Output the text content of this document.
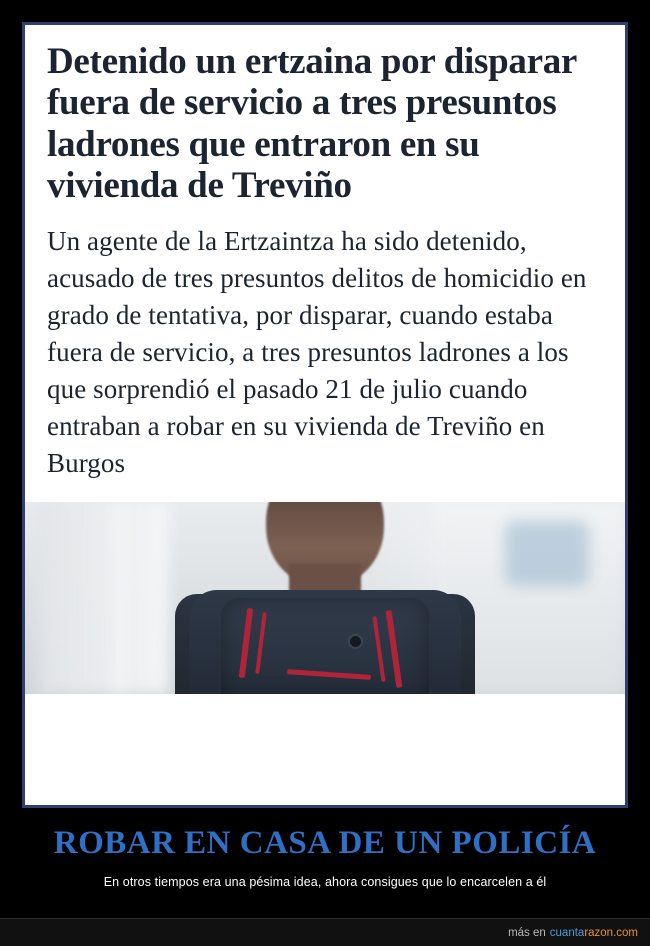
Detenido un ertzaina por disparar fuera de servicio a tres presuntos ladrones que entraron en su vivienda de Treviño
Un agente de la Ertzaintza ha sido detenido, acusado de tres presuntos delitos de homicidio en grado de tentativa, por disparar, cuando estaba fuera de servicio, a tres presuntos ladrones a los que sorprendió el pasado 21 de julio cuando entraban a robar en su vivienda de Treviño en Burgos
ROBAR EN CASA DE UN POLICÍA
En otros tiempos era una pésima idea, ahora consigues que lo encarcelen a él
más en cuantarazon.com
